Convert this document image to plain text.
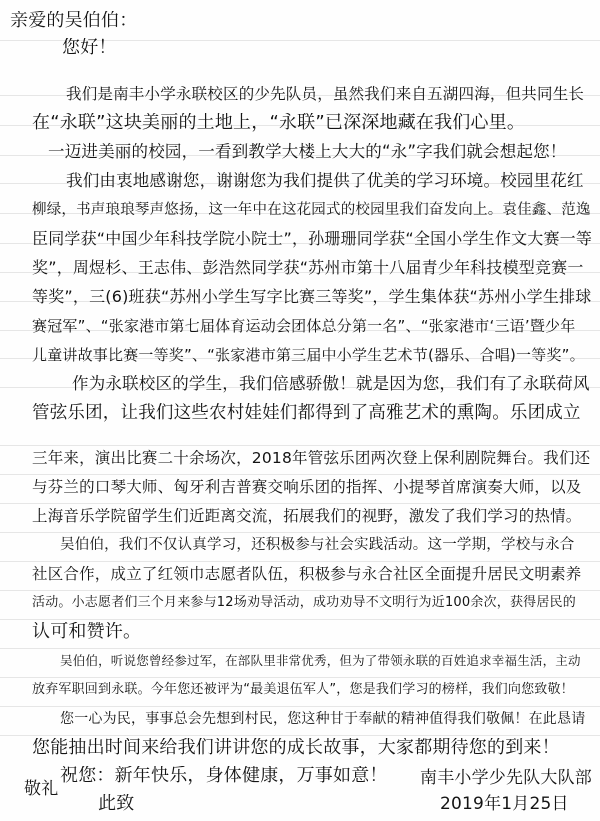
亲爱的吴伯伯：
您好！
我们是南丰小学永联校区的少先队员，虽然我们来自五湖四海，但共同生长
在“永联”这块美丽的土地上，“永联”已深深地藏在我们心里。
一迈进美丽的校园，一看到教学大楼上大大的“永”字我们就会想起您！
我们由衷地感谢您，谢谢您为我们提供了优美的学习环境。校园里花红
柳绿，书声琅琅琴声悠扬，这一年中在这花园式的校园里我们奋发向上。袁佳鑫、范逸
臣同学获“中国少年科技学院小院士”，孙珊珊同学获“全国小学生作文大赛一等
奖”，周煜杉、王志伟、彭浩然同学获“苏州市第十八届青少年科技模型竞赛一
等奖”，三(6)班获“苏州小学生写字比赛三等奖”，学生集体获“苏州小学生排球
赛冠军”、“张家港市第七届体育运动会团体总分第一名”、“张家港市‘三语’暨少年
儿童讲故事比赛一等奖”、“张家港市第三届中小学生艺术节(器乐、合唱)一等奖”。
作为永联校区的学生，我们倍感骄傲！就是因为您，我们有了永联荷风
管弦乐团，让我们这些农村娃娃们都得到了高雅艺术的熏陶。乐团成立
三年来，演出比赛二十余场次，2018年管弦乐团两次登上保利剧院舞台。我们还
与芬兰的口琴大师、匈牙利吉普赛交响乐团的指挥、小提琴首席演奏大师，以及
上海音乐学院留学生们近距离交流，拓展我们的视野，激发了我们学习的热情。
吴伯伯，我们不仅认真学习，还积极参与社会实践活动。这一学期，学校与永合
社区合作，成立了红领巾志愿者队伍，积极参与永合社区全面提升居民文明素养
活动。小志愿者们三个月来参与12场劝导活动，成功劝导不文明行为近100余次，获得居民的
认可和赞许。
吴伯伯，听说您曾经参过军，在部队里非常优秀，但为了带领永联的百姓追求幸福生活，主动
放弃军职回到永联。今年您还被评为“最美退伍军人”，您是我们学习的榜样，我们向您致敬！
您一心为民，事事总会先想到村民，您这种甘于奉献的精神值得我们敬佩！在此恳请
您能抽出时间来给我们讲讲您的成长故事，大家都期待您的到来！
祝您：新年快乐，身体健康，万事如意！
此致
敬礼
南丰小学少先队大队部
2019年1月25日
